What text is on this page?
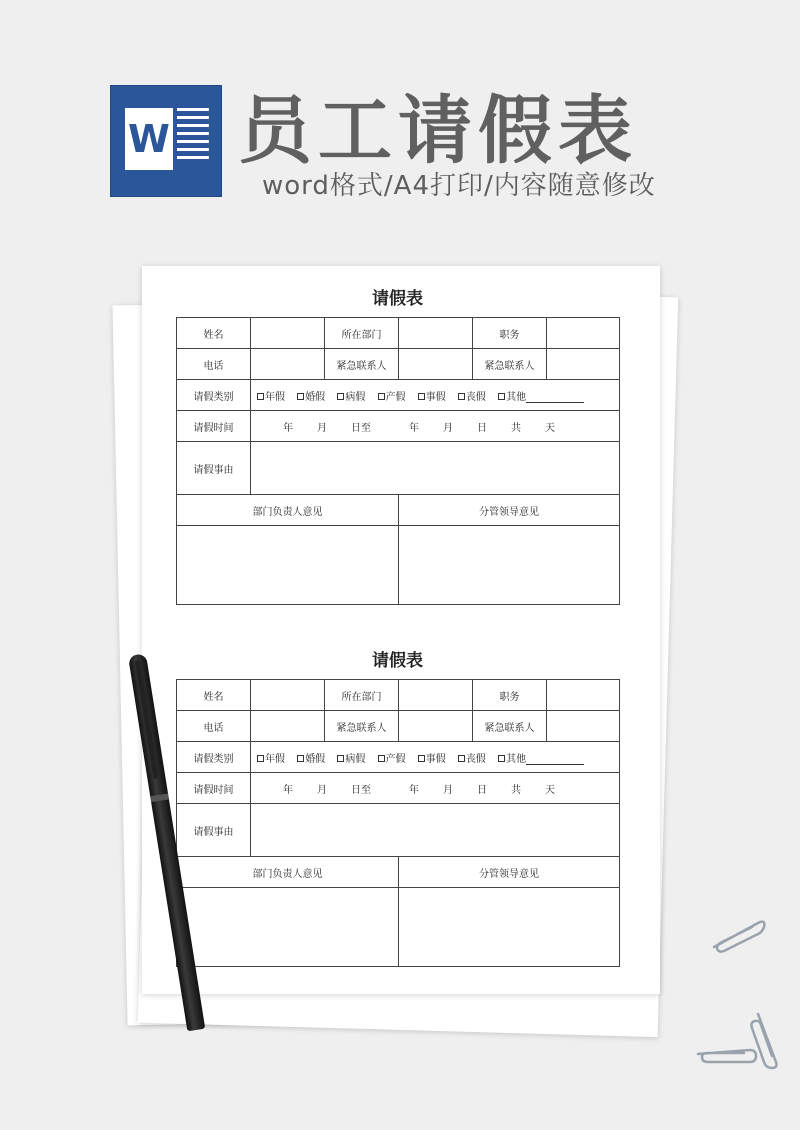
W 员工请假表
word格式/A4打印/内容随意修改
请假表
姓名		所在部门		职务	
电话		紧急联系人		紧急联系人	
请假类别	年假 婚假 病假 产假 事假 丧假 其他				
请假时间	年 月 日至 年 月 日 共 天				
请假事由					
部门负责人意见			分管领导意见		

请假表
姓名		所在部门		职务	
电话		紧急联系人		紧急联系人	
请假类别	年假 婚假 病假 产假 事假 丧假 其他				
请假时间	年 月 日至 年 月 日 共 天				
请假事由					
部门负责人意见			分管领导意见		
